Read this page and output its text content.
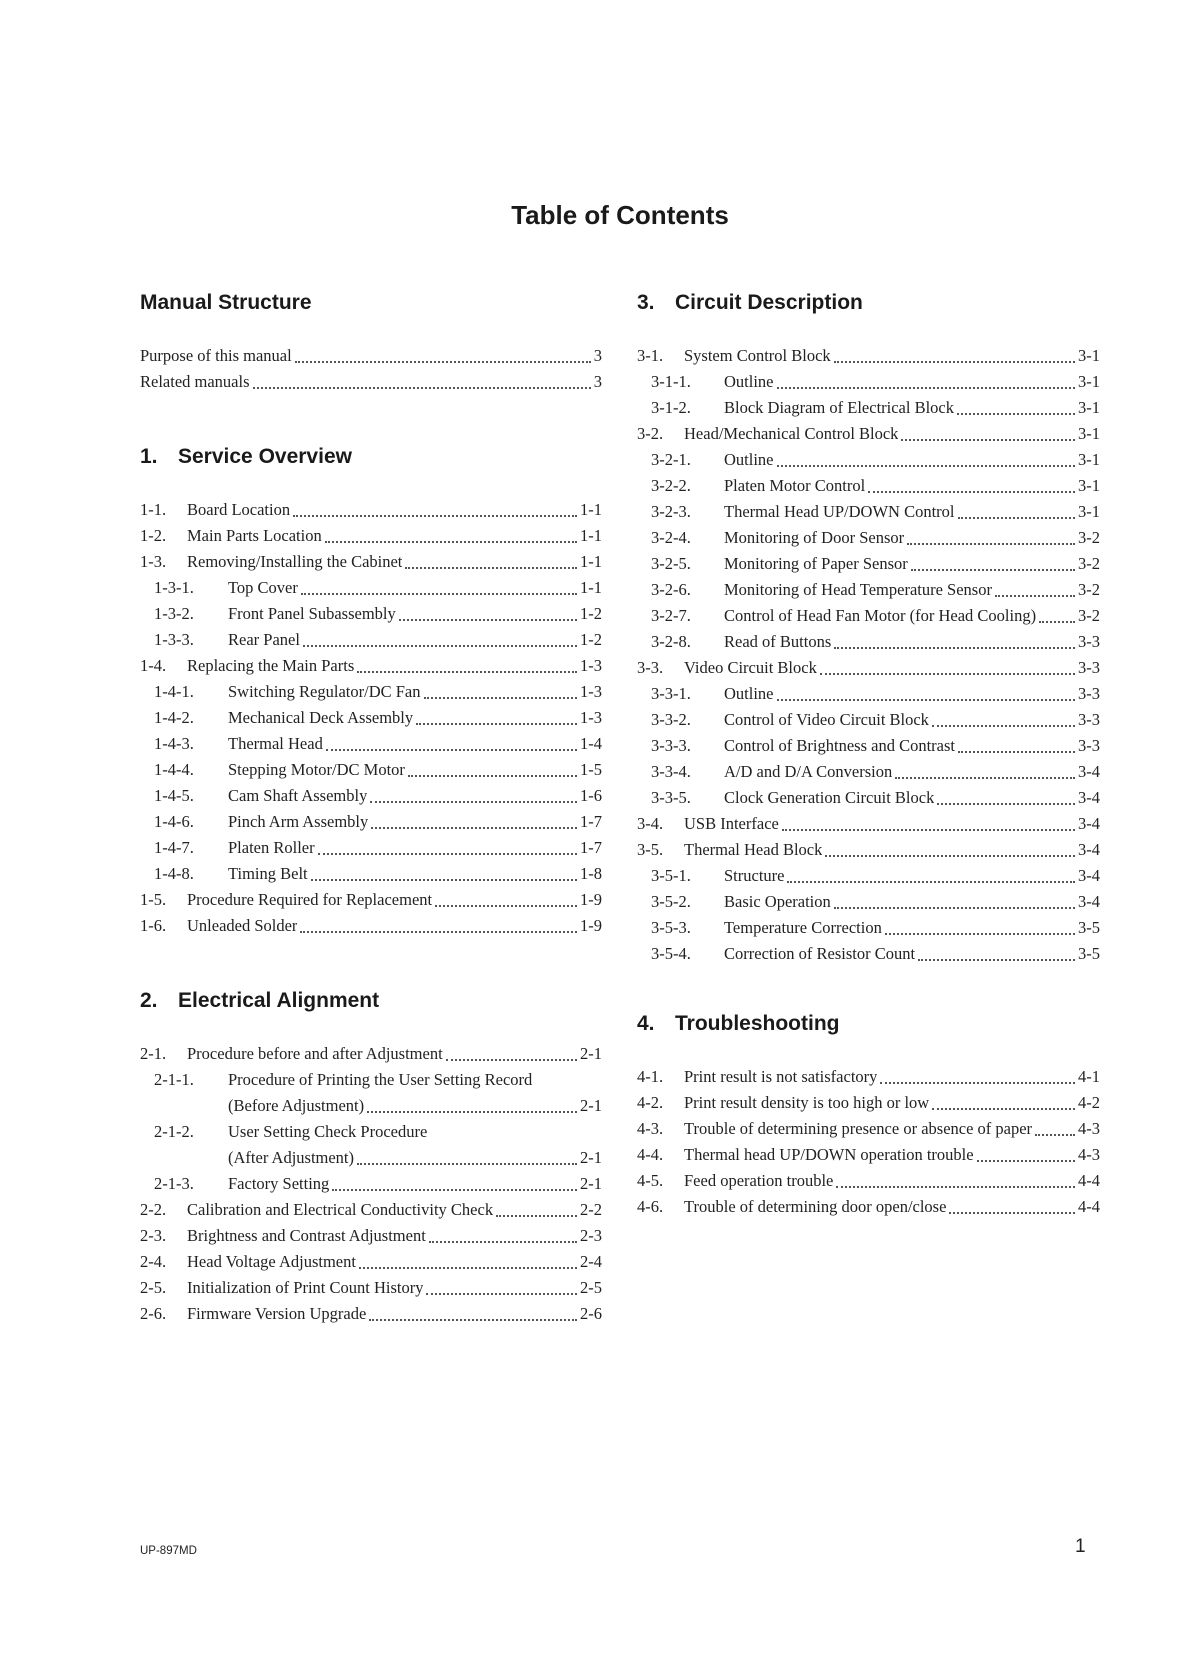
Table of Contents
Manual Structure
Purpose of this manual	3
Related manuals	3
1. Service Overview
1-1.	Board Location	1-1
1-2.	Main Parts Location	1-1
1-3.	Removing/Installing the Cabinet	1-1
1-3-1.	Top Cover	1-1
1-3-2.	Front Panel Subassembly	1-2
1-3-3.	Rear Panel	1-2
1-4.	Replacing the Main Parts	1-3
1-4-1.	Switching Regulator/DC Fan	1-3
1-4-2.	Mechanical Deck Assembly	1-3
1-4-3.	Thermal Head	1-4
1-4-4.	Stepping Motor/DC Motor	1-5
1-4-5.	Cam Shaft Assembly	1-6
1-4-6.	Pinch Arm Assembly	1-7
1-4-7.	Platen Roller	1-7
1-4-8.	Timing Belt	1-8
1-5.	Procedure Required for Replacement	1-9
1-6.	Unleaded Solder	1-9
2. Electrical Alignment
2-1.	Procedure before and after Adjustment	2-1
2-1-1.	Procedure of Printing the User Setting Record
(Before Adjustment)	2-1
2-1-2.	User Setting Check Procedure
(After Adjustment)	2-1
2-1-3.	Factory Setting	2-1
2-2.	Calibration and Electrical Conductivity Check	2-2
2-3.	Brightness and Contrast Adjustment	2-3
2-4.	Head Voltage Adjustment	2-4
2-5.	Initialization of Print Count History	2-5
2-6.	Firmware Version Upgrade	2-6
3. Circuit Description
3-1.	System Control Block	3-1
3-1-1.	Outline	3-1
3-1-2.	Block Diagram of Electrical Block	3-1
3-2.	Head/Mechanical Control Block	3-1
3-2-1.	Outline	3-1
3-2-2.	Platen Motor Control	3-1
3-2-3.	Thermal Head UP/DOWN Control	3-1
3-2-4.	Monitoring of Door Sensor	3-2
3-2-5.	Monitoring of Paper Sensor	3-2
3-2-6.	Monitoring of Head Temperature Sensor	3-2
3-2-7.	Control of Head Fan Motor (for Head Cooling)	3-2
3-2-8.	Read of Buttons	3-3
3-3.	Video Circuit Block	3-3
3-3-1.	Outline	3-3
3-3-2.	Control of Video Circuit Block	3-3
3-3-3.	Control of Brightness and Contrast	3-3
3-3-4.	A/D and D/A Conversion	3-4
3-3-5.	Clock Generation Circuit Block	3-4
3-4.	USB Interface	3-4
3-5.	Thermal Head Block	3-4
3-5-1.	Structure	3-4
3-5-2.	Basic Operation	3-4
3-5-3.	Temperature Correction	3-5
3-5-4.	Correction of Resistor Count	3-5
4. Troubleshooting
4-1.	Print result is not satisfactory	4-1
4-2.	Print result density is too high or low	4-2
4-3.	Trouble of determining presence or absence of paper	4-3
4-4.	Thermal head UP/DOWN operation trouble	4-3
4-5.	Feed operation trouble	4-4
4-6.	Trouble of determining door open/close	4-4
UP-897MD	1
